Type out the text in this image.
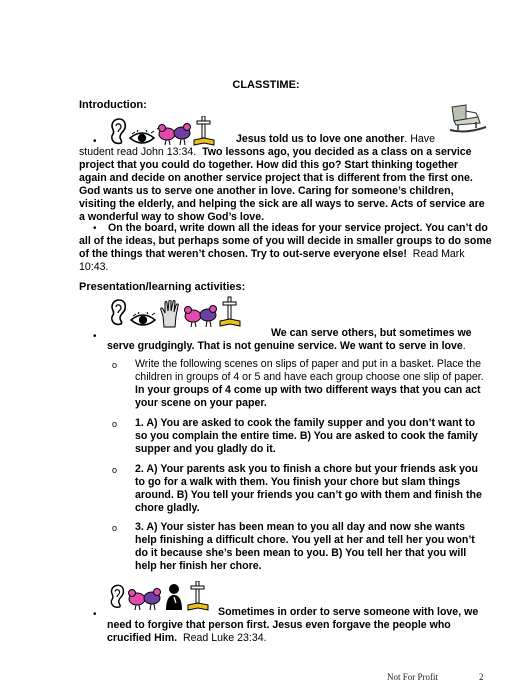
CLASSTIME:
Introduction:
•	Jesus told us to love one another. Have
student read John 13:34. Two lessons ago, you decided as a class on a service
project that you could do together. How did this go? Start thinking together
again and decide on another service project that is different from the first one.
God wants us to serve one another in love. Caring for someone’s children,
visiting the elderly, and helping the sick are all ways to serve. Acts of service are
a wonderful way to show God’s love.
•	On the board, write down all the ideas for your service project. You can’t do
all of the ideas, but perhaps some of you will decide in smaller groups to do some
of the things that weren’t chosen. Try to out-serve everyone else! Read Mark
10:43.
Presentation/learning activities:
•	We can serve others, but sometimes we
serve grudgingly. That is not genuine service. We want to serve in love.
o Write the following scenes on slips of paper and put in a basket. Place the
children in groups of 4 or 5 and have each group choose one slip of paper.
In your groups of 4 come up with two different ways that you can act
your scene on your paper.
o 1. A) You are asked to cook the family supper and you don’t want to
so you complain the entire time. B) You are asked to cook the family
supper and you gladly do it.
o 2. A) Your parents ask you to finish a chore but your friends ask you
to go for a walk with them. You finish your chore but slam things
around. B) You tell your friends you can’t go with them and finish the
chore gladly.
o 3. A) Your sister has been mean to you all day and now she wants
help finishing a difficult chore. You yell at her and tell her you won’t
do it because she’s been mean to you. B) You tell her that you will
help her finish her chore.
•	Sometimes in order to serve someone with love, we
need to forgive that person first. Jesus even forgave the people who
crucified Him. Read Luke 23:34.
Not For Profit	2
